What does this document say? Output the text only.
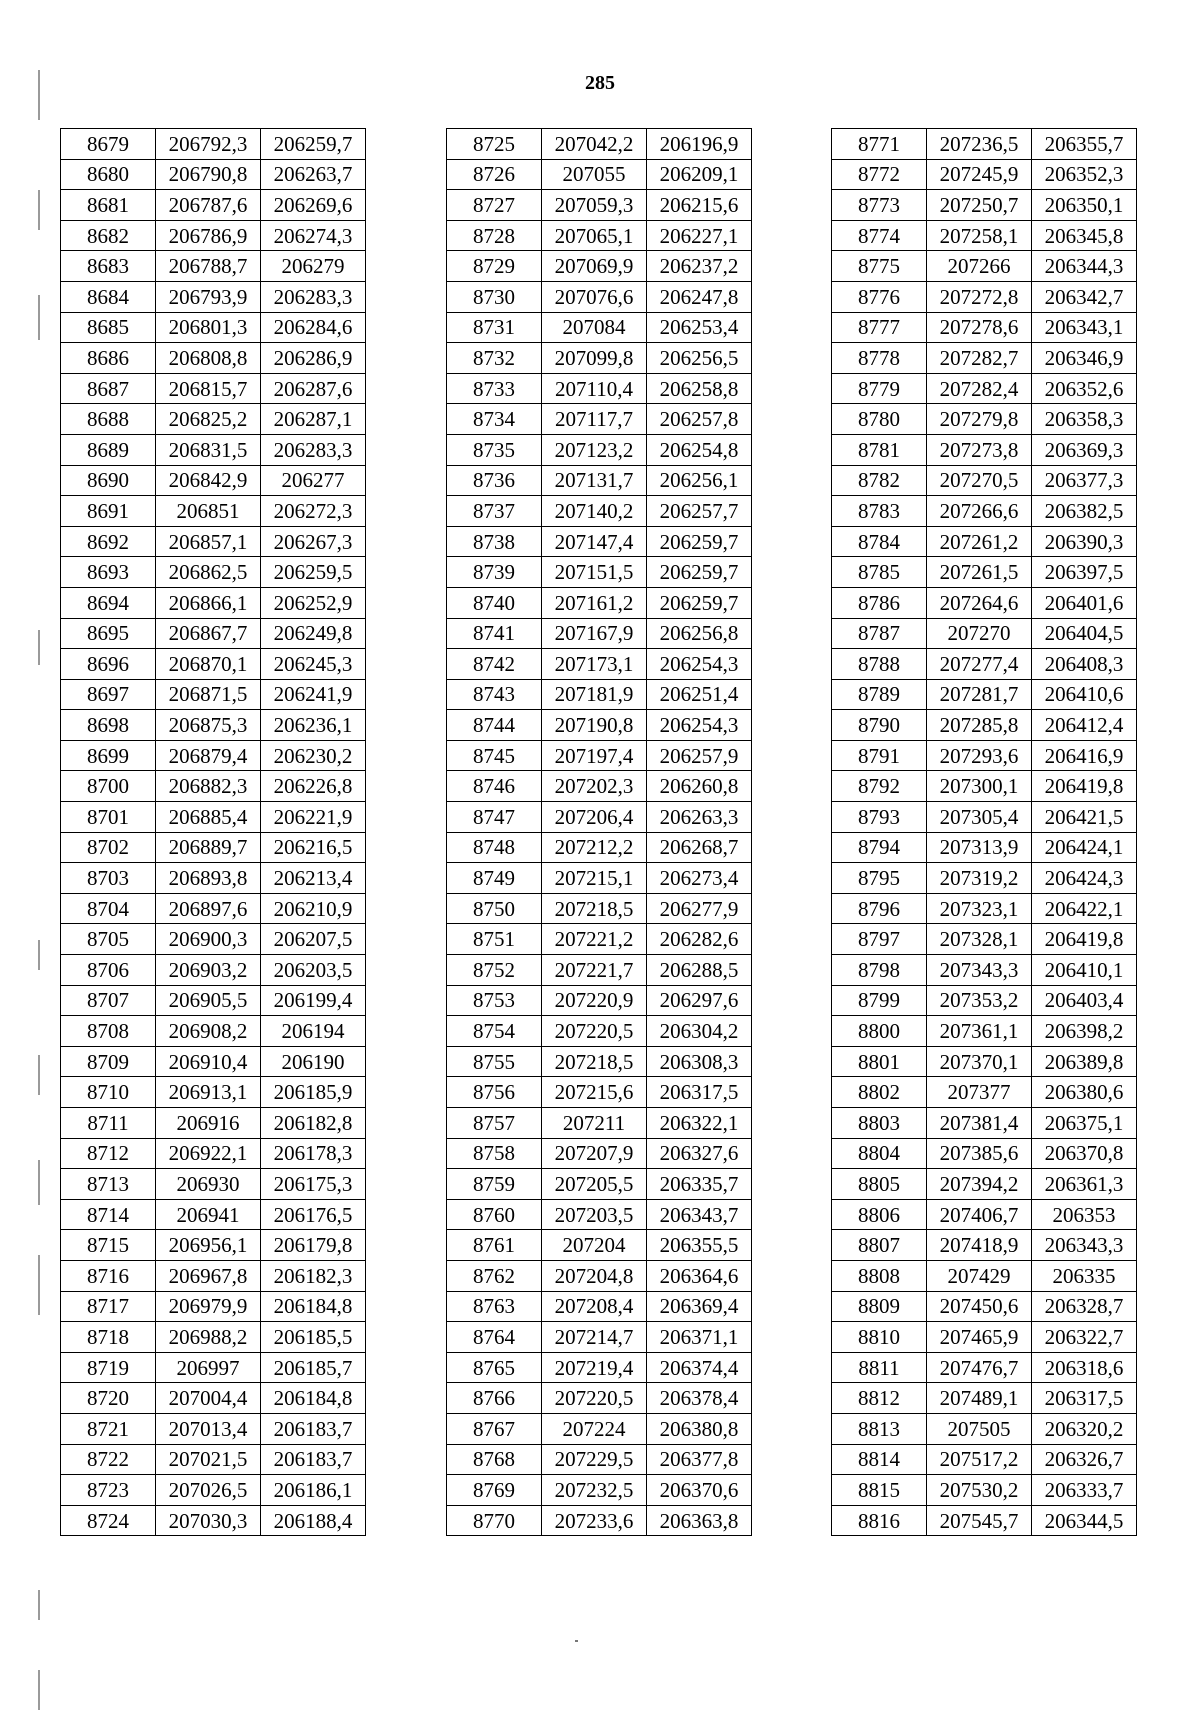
285
8679	206792,3	206259,7
8680	206790,8	206263,7
8681	206787,6	206269,6
8682	206786,9	206274,3
8683	206788,7	206279
8684	206793,9	206283,3
8685	206801,3	206284,6
8686	206808,8	206286,9
8687	206815,7	206287,6
8688	206825,2	206287,1
8689	206831,5	206283,3
8690	206842,9	206277
8691	206851	206272,3
8692	206857,1	206267,3
8693	206862,5	206259,5
8694	206866,1	206252,9
8695	206867,7	206249,8
8696	206870,1	206245,3
8697	206871,5	206241,9
8698	206875,3	206236,1
8699	206879,4	206230,2
8700	206882,3	206226,8
8701	206885,4	206221,9
8702	206889,7	206216,5
8703	206893,8	206213,4
8704	206897,6	206210,9
8705	206900,3	206207,5
8706	206903,2	206203,5
8707	206905,5	206199,4
8708	206908,2	206194
8709	206910,4	206190
8710	206913,1	206185,9
8711	206916	206182,8
8712	206922,1	206178,3
8713	206930	206175,3
8714	206941	206176,5
8715	206956,1	206179,8
8716	206967,8	206182,3
8717	206979,9	206184,8
8718	206988,2	206185,5
8719	206997	206185,7
8720	207004,4	206184,8
8721	207013,4	206183,7
8722	207021,5	206183,7
8723	207026,5	206186,1
8724	207030,3	206188,4
8725	207042,2	206196,9
8726	207055	206209,1
8727	207059,3	206215,6
8728	207065,1	206227,1
8729	207069,9	206237,2
8730	207076,6	206247,8
8731	207084	206253,4
8732	207099,8	206256,5
8733	207110,4	206258,8
8734	207117,7	206257,8
8735	207123,2	206254,8
8736	207131,7	206256,1
8737	207140,2	206257,7
8738	207147,4	206259,7
8739	207151,5	206259,7
8740	207161,2	206259,7
8741	207167,9	206256,8
8742	207173,1	206254,3
8743	207181,9	206251,4
8744	207190,8	206254,3
8745	207197,4	206257,9
8746	207202,3	206260,8
8747	207206,4	206263,3
8748	207212,2	206268,7
8749	207215,1	206273,4
8750	207218,5	206277,9
8751	207221,2	206282,6
8752	207221,7	206288,5
8753	207220,9	206297,6
8754	207220,5	206304,2
8755	207218,5	206308,3
8756	207215,6	206317,5
8757	207211	206322,1
8758	207207,9	206327,6
8759	207205,5	206335,7
8760	207203,5	206343,7
8761	207204	206355,5
8762	207204,8	206364,6
8763	207208,4	206369,4
8764	207214,7	206371,1
8765	207219,4	206374,4
8766	207220,5	206378,4
8767	207224	206380,8
8768	207229,5	206377,8
8769	207232,5	206370,6
8770	207233,6	206363,8
8771	207236,5	206355,7
8772	207245,9	206352,3
8773	207250,7	206350,1
8774	207258,1	206345,8
8775	207266	206344,3
8776	207272,8	206342,7
8777	207278,6	206343,1
8778	207282,7	206346,9
8779	207282,4	206352,6
8780	207279,8	206358,3
8781	207273,8	206369,3
8782	207270,5	206377,3
8783	207266,6	206382,5
8784	207261,2	206390,3
8785	207261,5	206397,5
8786	207264,6	206401,6
8787	207270	206404,5
8788	207277,4	206408,3
8789	207281,7	206410,6
8790	207285,8	206412,4
8791	207293,6	206416,9
8792	207300,1	206419,8
8793	207305,4	206421,5
8794	207313,9	206424,1
8795	207319,2	206424,3
8796	207323,1	206422,1
8797	207328,1	206419,8
8798	207343,3	206410,1
8799	207353,2	206403,4
8800	207361,1	206398,2
8801	207370,1	206389,8
8802	207377	206380,6
8803	207381,4	206375,1
8804	207385,6	206370,8
8805	207394,2	206361,3
8806	207406,7	206353
8807	207418,9	206343,3
8808	207429	206335
8809	207450,6	206328,7
8810	207465,9	206322,7
8811	207476,7	206318,6
8812	207489,1	206317,5
8813	207505	206320,2
8814	207517,2	206326,7
8815	207530,2	206333,7
8816	207545,7	206344,5
